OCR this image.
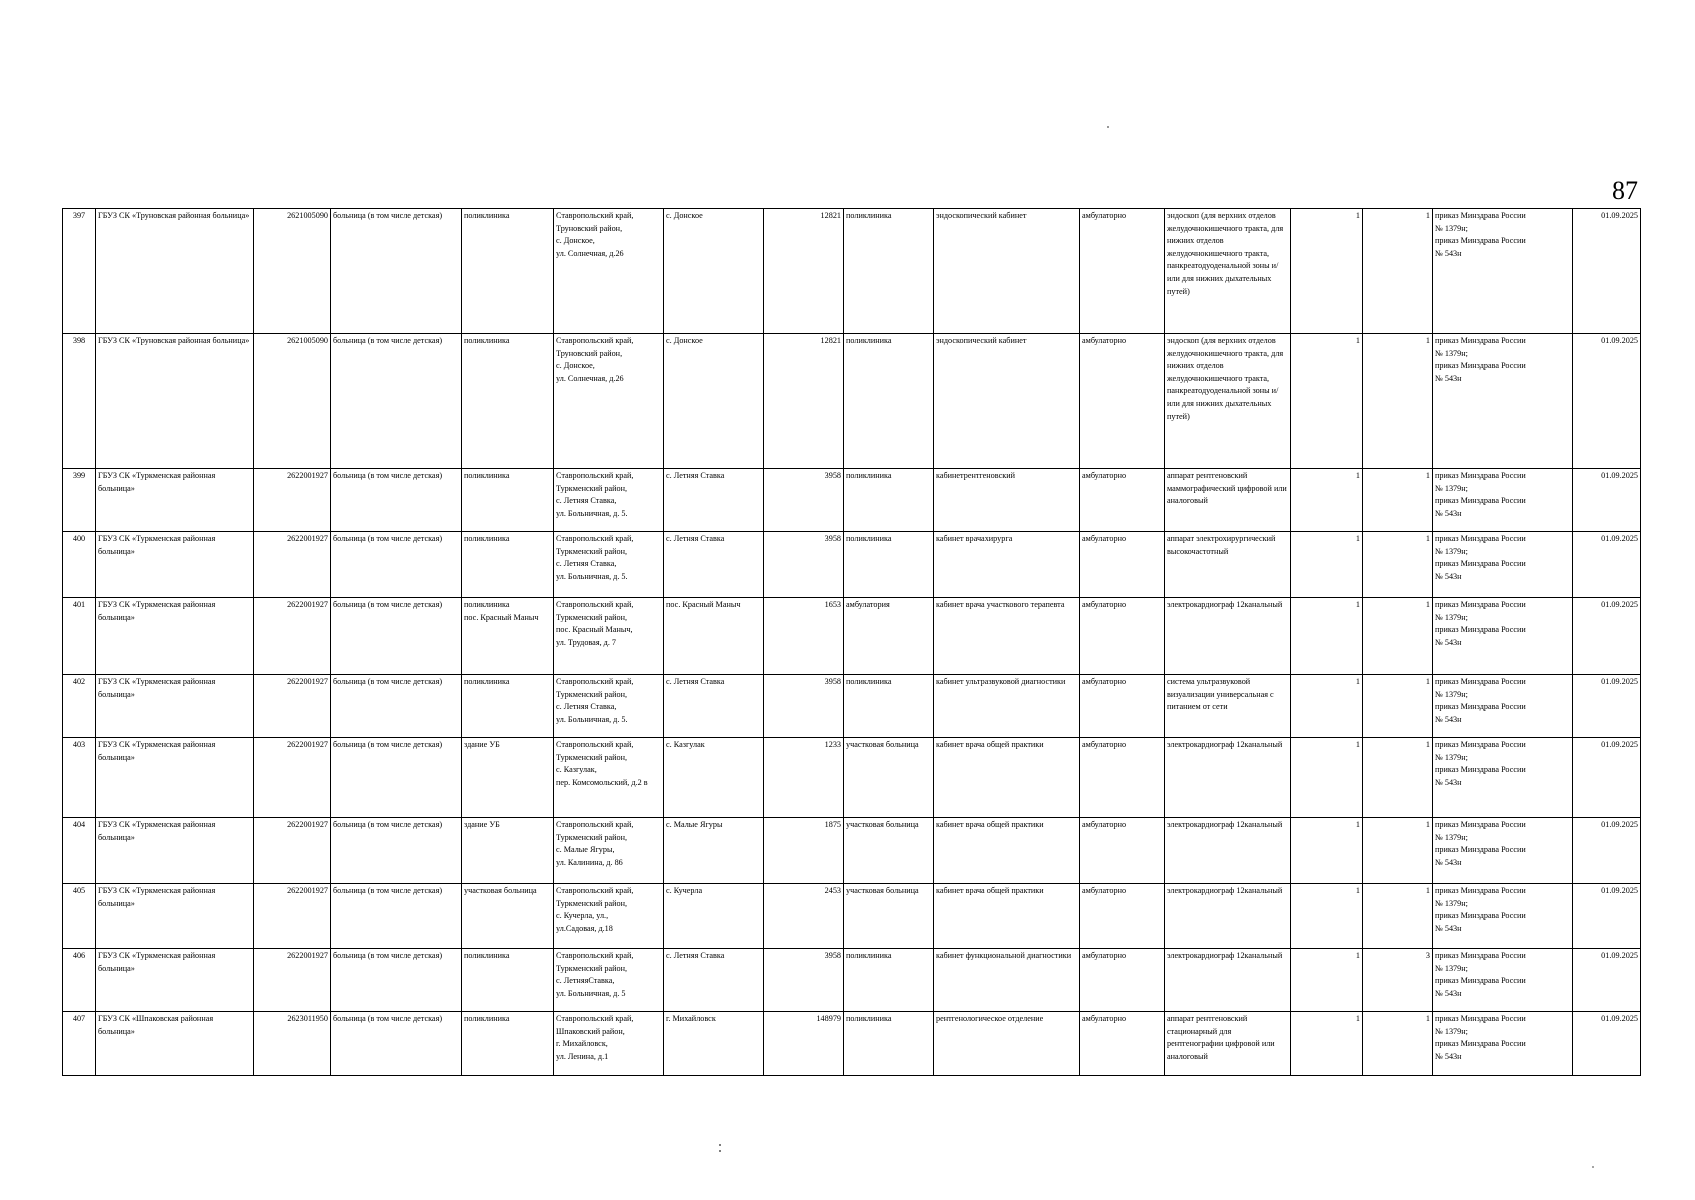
87
397	ГБУЗ СК «Труновская районная больница»	2621005090	больница (в том числе детская)	поликлиника	Ставропольский край,
Труновский район,
с. Донское,
ул. Солнечная, д.26	с. Донское	12821	поликлиника	эндоскопический кабинет	амбулаторно	эндоскоп (для верхних отделов желудочнокишечного тракта, для нижних отделов желудочнокишечного тракта, панкреатодуоденальной зоны и/или для нижних дыхательных путей)	1	1	приказ Минздрава России
№ 1379н;
приказ Минздрава России
№ 543н	01.09.2025
398	ГБУЗ СК «Труновская районная больница»	2621005090	больница (в том числе детская)	поликлиника	Ставропольский край,
Труновский район,
с. Донское,
ул. Солнечная, д.26	с. Донское	12821	поликлиника	эндоскопический кабинет	амбулаторно	эндоскоп (для верхних отделов желудочнокишечного тракта, для нижних отделов желудочнокишечного тракта, панкреатодуоденальной зоны и/или для нижних дыхательных путей)	1	1	приказ Минздрава России
№ 1379н;
приказ Минздрава России
№ 543н	01.09.2025
399	ГБУЗ СК «Туркменская районная больница»	2622001927	больница (в том числе детская)	поликлиника	Ставропольский край,
Туркменский район,
с. Летняя Ставка,
ул. Больничная, д. 5.	с. Летняя Ставка	3958	поликлиника	кабинетрентгеновский	амбулаторно	аппарат рентгеновский маммографический цифровой или аналоговый	1	1	приказ Минздрава России
№ 1379н;
приказ Минздрава России
№ 543н	01.09.2025
400	ГБУЗ СК «Туркменская районная больница»	2622001927	больница (в том числе детская)	поликлиника	Ставропольский край,
Туркменский район,
с. Летняя Ставка,
ул. Больничная, д. 5.	с. Летняя Ставка	3958	поликлиника	кабинет врачахирурга	амбулаторно	аппарат электрохирургический высокочастотный	1	1	приказ Минздрава России
№ 1379н;
приказ Минздрава России
№ 543н	01.09.2025
401	ГБУЗ СК «Туркменская районная больница»	2622001927	больница (в том числе детская)	поликлиника
пос. Красный Маныч	Ставропольский край,
Туркменский район,
пос. Красный Маныч,
ул. Трудовая, д. 7	пос. Красный Маныч	1653	амбулатория	кабинет врача участкового терапевта	амбулаторно	электрокардиограф 12канальный	1	1	приказ Минздрава России
№ 1379н;
приказ Минздрава России
№ 543н	01.09.2025
402	ГБУЗ СК «Туркменская районная больница»	2622001927	больница (в том числе детская)	поликлиника	Ставропольский край,
Туркменский район,
с. Летняя Ставка,
ул. Больничная, д. 5.	с. Летняя Ставка	3958	поликлиника	кабинет ультразвуковой диагностики	амбулаторно	система ультразвуковой визуализации универсальная с питанием от сети	1	1	приказ Минздрава России
№ 1379н;
приказ Минздрава России
№ 543н	01.09.2025
403	ГБУЗ СК «Туркменская районная больница»	2622001927	больница (в том числе детская)	здание УБ	Ставропольский край,
Туркменский район,
с. Казгулак,
пер. Комсомольский, д.2 в	с. Казгулак	1233	участковая больница	кабинет врача общей практики	амбулаторно	электрокардиограф 12канальный	1	1	приказ Минздрава России
№ 1379н;
приказ Минздрава России
№ 543н	01.09.2025
404	ГБУЗ СК «Туркменская районная больница»	2622001927	больница (в том числе детская)	здание УБ	Ставропольский край,
Туркменский район,
с. Малые Ягуры,
ул. Калинина, д. 86	с. Малые Ягуры	1875	участковая больница	кабинет врача общей практики	амбулаторно	электрокардиограф 12канальный	1	1	приказ Минздрава России
№ 1379н;
приказ Минздрава России
№ 543н	01.09.2025
405	ГБУЗ СК «Туркменская районная больница»	2622001927	больница (в том числе детская)	участковая больница	Ставропольский край,
Туркменский район,
с. Кучерла, ул.,
ул.Садовая, д.18	с. Кучерла	2453	участковая больница	кабинет врача общей практики	амбулаторно	электрокардиограф 12канальный	1	1	приказ Минздрава России
№ 1379н;
приказ Минздрава России
№ 543н	01.09.2025
406	ГБУЗ СК «Туркменская районная больница»	2622001927	больница (в том числе детская)	поликлиника	Ставропольский край,
Туркменский район,
с. ЛетняяСтавка,
ул. Больничная, д. 5	с. Летняя Ставка	3958	поликлиника	кабинет функциональной диагностики	амбулаторно	электрокардиограф 12канальный	1	3	приказ Минздрава России
№ 1379н;
приказ Минздрава России
№ 543н	01.09.2025
407	ГБУЗ СК «Шпаковская районная больница»	2623011950	больница (в том числе детская)	поликлиника	Ставропольский край,
Шпаковский район,
г. Михайловск,
ул. Ленина, д.1	г. Михайловск	148979	поликлиника	рентгенологическое отделение	амбулаторно	аппарат рентгеновский стационарный для рентгенографии цифровой или аналоговый	1	1	приказ Минздрава России
№ 1379н;
приказ Минздрава России
№ 543н	01.09.2025
